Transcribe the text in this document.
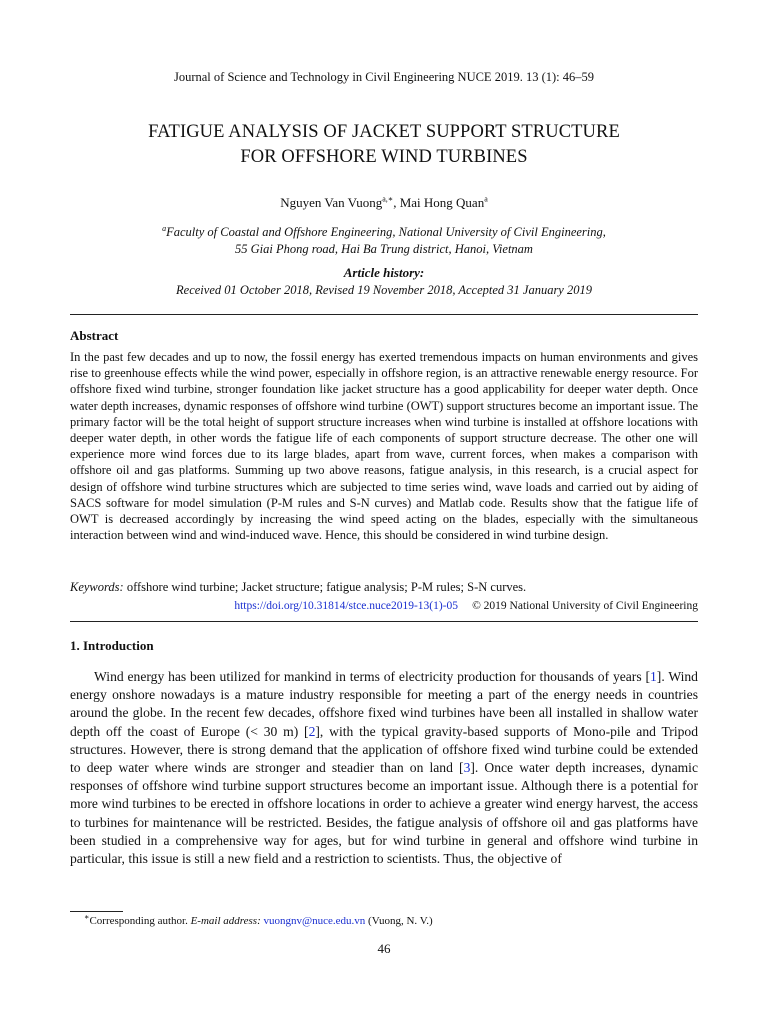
Journal of Science and Technology in Civil Engineering NUCE 2019. 13 (1): 46–59
FATIGUE ANALYSIS OF JACKET SUPPORT STRUCTURE
FOR OFFSHORE WIND TURBINES
Nguyen Van Vuong$^{a,∗}$, Mai Hong Quan$^a$
$^a$Faculty of Coastal and Offshore Engineering, National University of Civil Engineering,
55 Giai Phong road, Hai Ba Trung district, Hanoi, Vietnam
Article history:
Received 01 October 2018, Revised 19 November 2018, Accepted 31 January 2019
Abstract
In the past few decades and up to now, the fossil energy has exerted tremendous impacts on human environments and gives rise to greenhouse effects while the wind power, especially in offshore region, is an attractive renewable energy resource. For offshore fixed wind turbine, stronger foundation like jacket structure has a good applicability for deeper water depth. Once water depth increases, dynamic responses of offshore wind turbine (OWT) support structures become an important issue. The primary factor will be the total height of support structure increases when wind turbine is installed at offshore locations with deeper water depth, in other words the fatigue life of each components of support structure decrease. The other one will experience more wind forces due to its large blades, apart from wave, current forces, when makes a comparison with offshore oil and gas platforms. Summing up two above reasons, fatigue analysis, in this research, is a crucial aspect for design of offshore wind turbine structures which are subjected to time series wind, wave loads and carried out by aiding of SACS software for model simulation (P-M rules and S-N curves) and Matlab code. Results show that the fatigue life of OWT is decreased accordingly by increasing the wind speed acting on the blades, especially with the simultaneous interaction between wind and wind-induced wave. Hence, this should be considered in wind turbine design.
Keywords: offshore wind turbine; Jacket structure; fatigue analysis; P-M rules; S-N curves.
https://doi.org/10.31814/stce.nuce2019-13(1)-05 © 2019 National University of Civil Engineering
1. Introduction
Wind energy has been utilized for mankind in terms of electricity production for thousands of years [1]. Wind energy onshore nowadays is a mature industry responsible for meeting a part of the energy needs in countries around the globe. In the recent few decades, offshore fixed wind turbines have been all installed in shallow water depth off the coast of Europe (< 30 m) [2], with the typical gravity-based supports of Mono-pile and Tripod structures. However, there is strong demand that the application of offshore fixed wind turbine could be extended to deep water where winds are stronger and steadier than on land [3]. Once water depth increases, dynamic responses of offshore wind turbine support structures become an important issue. Although there is a potential for more wind turbines to be erected in offshore locations in order to achieve a greater wind energy harvest, the access to turbines for maintenance will be restricted. Besides, the fatigue analysis of offshore oil and gas platforms have been studied in a comprehensive way for ages, but for wind turbine in general and offshore wind turbine in particular, this issue is still a new field and a restriction to scientists. Thus, the objective of
∗Corresponding author. E-mail address: vuongnv@nuce.edu.vn (Vuong, N. V.)
46
